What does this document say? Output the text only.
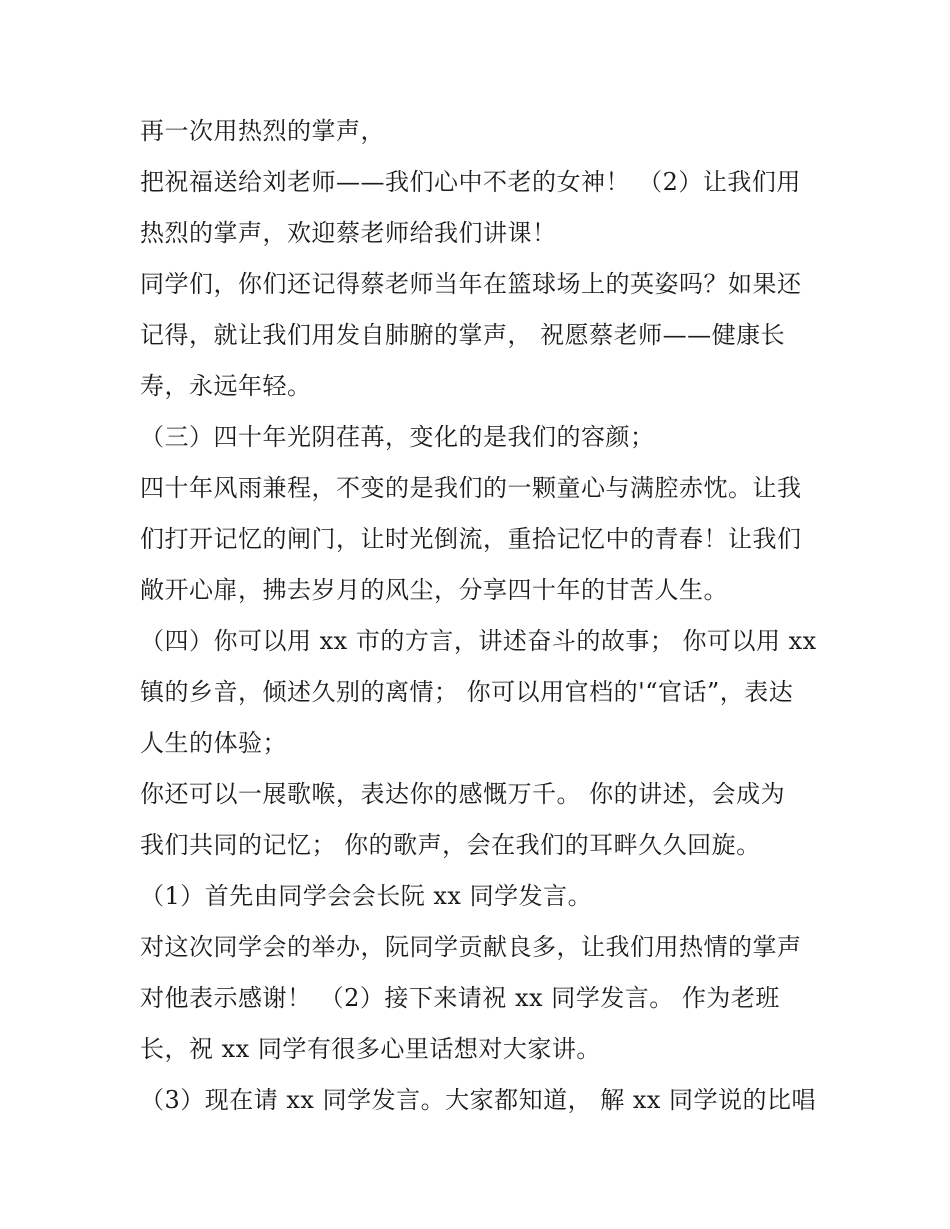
再一次用热烈的掌声，
把祝福送给刘老师——我们心中不老的女神！ （2）让我们用
热烈的掌声，欢迎蔡老师给我们讲课！
同学们，你们还记得蔡老师当年在篮球场上的英姿吗？如果还
记得，就让我们用发自肺腑的掌声， 祝愿蔡老师——健康长
寿，永远年轻。
（三）四十年光阴荏苒，变化的是我们的容颜；
四十年风雨兼程，不变的是我们的一颗童心与满腔赤忱。让我
们打开记忆的闸门，让时光倒流，重拾记忆中的青春！让我们
敞开心扉，拂去岁月的风尘，分享四十年的甘苦人生。
（四）你可以用 xx 市的方言，讲述奋斗的故事； 你可以用 xx
镇的乡音，倾述久别的离情； 你可以用官档的'“官话”，表达
人生的体验；
你还可以一展歌喉，表达你的感慨万千。 你的讲述，会成为
我们共同的记忆； 你的歌声，会在我们的耳畔久久回旋。
（1）首先由同学会会长阮 xx 同学发言。
对这次同学会的举办，阮同学贡献良多，让我们用热情的掌声
对他表示感谢！ （2）接下来请祝 xx 同学发言。 作为老班
长，祝 xx 同学有很多心里话想对大家讲。
（3）现在请 xx 同学发言。大家都知道， 解 xx 同学说的比唱
